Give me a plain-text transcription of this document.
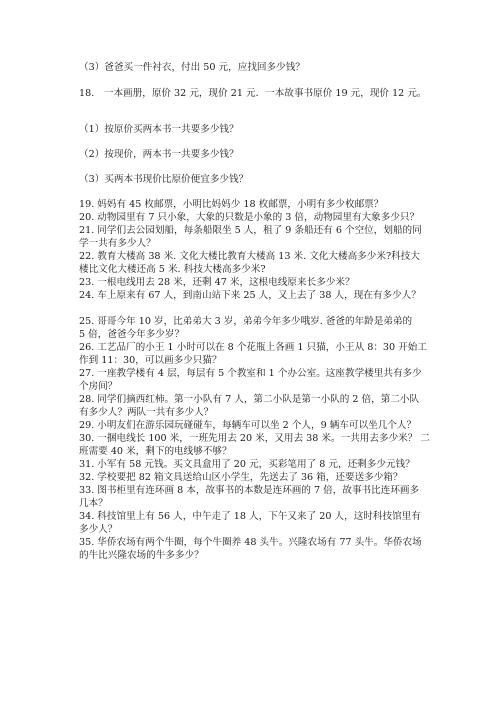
（3）爸爸买一件衬衣，付出 50 元，应找回多少钱？
18.　一本画册，原价 32 元，现价 21 元．一本故事书原价 19 元，现价 12 元。
（1）按原价买两本书一共要多少钱？
（2）按现价，两本书一共要多少钱？
（3）买两本书现价比原价便宜多少钱？
19. 妈妈有 45 枚邮票，小明比妈妈少 18 枚邮票，小明有多少枚邮票？
20. 动物园里有 7 只小象，大象的只数是小象的 3 倍，动物园里有大象多少只？
21. 同学们去公园划船，每条船限坐 5 人，租了 9 条船还有 6 个空位，划船的同
学一共有多少人？
22. 教育大楼高 38 米. 文化大楼比教育大楼高 13 米. 文化大楼高多少米?科技大
楼比文化大楼还高 5 米. 科技大楼高多少米?
23. 一根电线用去 28 米，还剩 47 米，这根电线原来长多少米？
24. 车上原来有 67 人，到南山站下来 25 人，又上去了 38 人，现在有多少人？
25. 哥哥今年 10 岁，比弟弟大 3 岁，弟弟今年多少哦岁. 爸爸的年龄是弟弟的
5 倍，爸爸今年多少岁？
26. 工艺品厂的小王 1 小时可以在 8 个花瓶上各画 1 只猫，小王从 8：30 开始工
作到 11：30，可以画多少只猫？
27. 一座教学楼有 4 层，每层有 5 个教室和 1 个办公室。这座教学楼里共有多少
个房间？
28. 同学们摘西红柿。第一小队有 7 人，第二小队是第一小队的 2 倍，第二小队
有多少人？两队一共有多少人？
29. 小明友们在游乐园玩碰碰车，每辆车可以坐 2 个人，9 辆车可以坐几个人？
30. 一捆电线长 100 米，一班先用去 20 米，又用去 38 米。一共用去多少米？ 二
班需要 40 米，剩下的电线够不够？
31. 小军有 58 元钱。买文具盒用了 20 元，买彩笔用了 8 元，还剩多少元钱？
32. 学校要把 82 箱文具送给山区小学生，先送去了 36 箱，还要送多少箱？
33. 图书柜里有连环画 8 本，故事书的本数是连环画的 7 倍，故事书比连环画多
几本？
34. 科技馆里上有 56 人，中午走了 18 人，下午又来了 20 人，这时科技馆里有
多少人？
35. 华侨农场有两个牛圈，每个牛圈养 48 头牛。兴隆农场有 77 头牛。华侨农场
的牛比兴隆农场的牛多多少？
